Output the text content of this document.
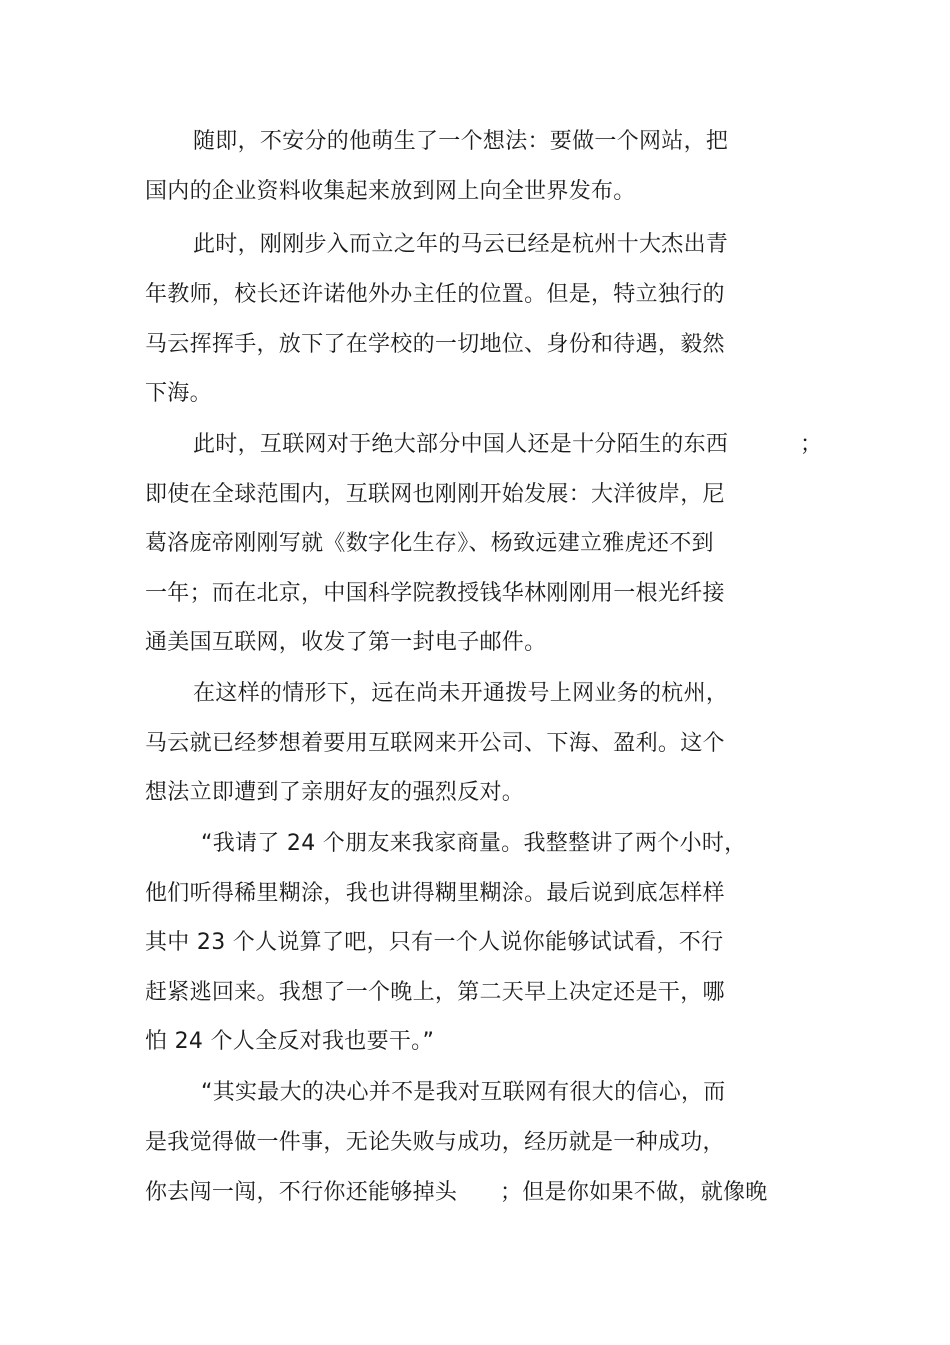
随即，不安分的他萌生了一个想法：要做一个网站，把
国内的企业资料收集起来放到网上向全世界发布。
此时，刚刚步入而立之年的马云已经是杭州十大杰出青
年教师，校长还许诺他外办主任的位置。但是，特立独行的
马云挥挥手，放下了在学校的一切地位、身份和待遇，毅然
下海。
此时，互联网对于绝大部分中国人还是十分陌生的东西	；
即使在全球范围内，互联网也刚刚开始发展：大洋彼岸，尼
葛洛庞帝刚刚写就《数字化生存》、杨致远建立雅虎还不到
一年；而在北京，中国科学院教授钱华林刚刚用一根光纤接
通美国互联网，收发了第一封电子邮件。
在这样的情形下，远在尚未开通拨号上网业务的杭州，
马云就已经梦想着要用互联网来开公司、下海、盈利。这个
想法立即遭到了亲朋好友的强烈反对。
“我请了 24 个朋友来我家商量。我整整讲了两个小时，
他们听得稀里糊涂，我也讲得糊里糊涂。最后说到底怎样样
其中 23 个人说算了吧，只有一个人说你能够试试看，不行
赶紧逃回来。我想了一个晚上，第二天早上决定还是干，哪
怕 24 个人全反对我也要干。”
“其实最大的决心并不是我对互联网有很大的信心，而
是我觉得做一件事，无论失败与成功，经历就是一种成功，
你去闯一闯，不行你还能够掉头 ；但是你如果不做，就像晚
